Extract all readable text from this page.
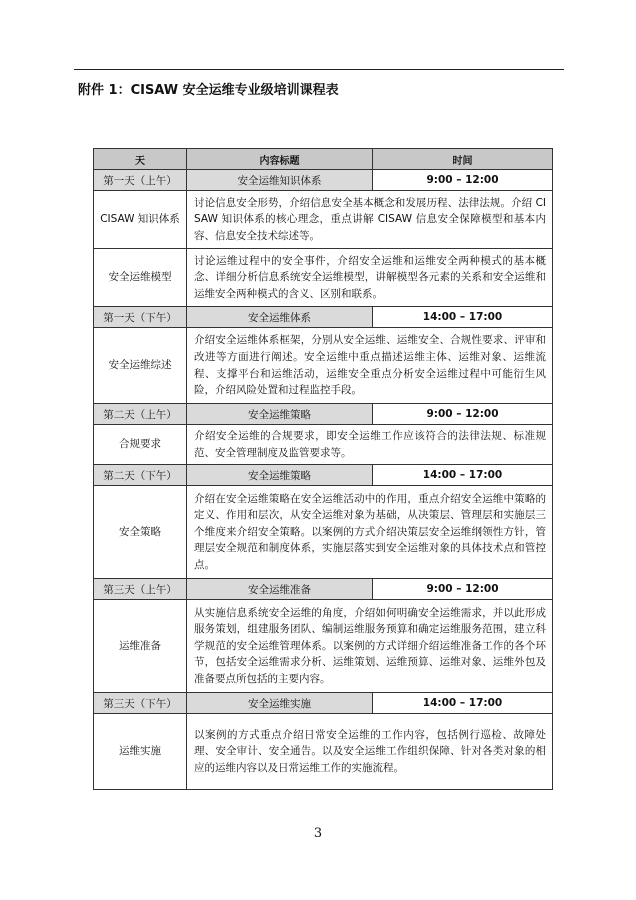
附件 1：CISAW 安全运维专业级培训课程表
天	内容标题	时间
第一天（上午）	安全运维知识体系	9:00 – 12:00
CISAW 知识体系	讨论信息安全形势，介绍信息安全基本概念和发展历程、法律法规。介绍 CISAW 知识体系的核心理念，重点讲解 CISAW 信息安全保障模型和基本内容、信息安全技术综述等。	
安全运维模型	讨论运维过程中的安全事件，介绍安全运维和运维安全两种模式的基本概念、详细分析信息系统安全运维模型，讲解模型各元素的关系和安全运维和运维安全两种模式的含义、区别和联系。	
第一天（下午）	安全运维体系	14:00 – 17:00
安全运维综述	介绍安全运维体系框架，分别从安全运维、运维安全、合规性要求、评审和改进等方面进行阐述。安全运维中重点描述运维主体、运维对象、运维流程、支撑平台和运维活动，运维安全重点分析安全运维过程中可能衍生风险，介绍风险处置和过程监控手段。	
第二天（上午）	安全运维策略	9:00 – 12:00
合规要求	介绍安全运维的合规要求，即安全运维工作应该符合的法律法规、标准规范、安全管理制度及监管要求等。	
第二天（下午）	安全运维策略	14:00 – 17:00
安全策略	介绍在安全运维策略在安全运维活动中的作用，重点介绍安全运维中策略的定义、作用和层次，从安全运维对象为基础，从决策层、管理层和实施层三个维度来介绍安全策略。以案例的方式介绍决策层安全运维纲领性方针，管理层安全规范和制度体系，实施层落实到安全运维对象的具体技术点和管控点。	
第三天（上午）	安全运维准备	9:00 – 12:00
运维准备	从实施信息系统安全运维的角度，介绍如何明确安全运维需求，并以此形成服务策划，组建服务团队、编制运维服务预算和确定运维服务范围，建立科学规范的安全运维管理体系。以案例的方式详细介绍运维准备工作的各个环节，包括安全运维需求分析、运维策划、运维预算、运维对象、运维外包及准备要点所包括的主要内容。	
第三天（下午）	安全运维实施	14:00 – 17:00
运维实施	以案例的方式重点介绍日常安全运维的工作内容，包括例行巡检、故障处理、安全审计、安全通告。以及安全运维工作组织保障、针对各类对象的相应的运维内容以及日常运维工作的实施流程。	
3
